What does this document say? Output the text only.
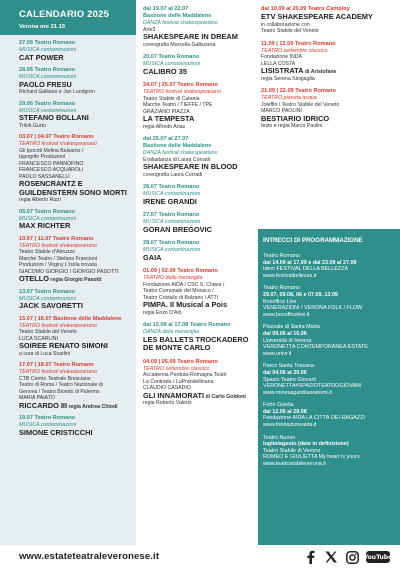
CALENDARIO 2025
Verona ore 21.15
27.06 Teatro Romano
MUSICA contaminazioni
CAT POWER
28.06 Teatro Romano
MUSICA contaminazioni
PAOLO FRESU
Richard Galliano e Jan Lundgren
29.06 Teatro Romano
MUSICA contaminazioni
STEFANO BOLLANI
Trilok Gurtu
03.07 | 04.07 Teatro Romano
TEATRO festival shakespeariano
Gli Ipocriti Melina Balsamo /
Ippogrifo Produzioni
FRANCESCO PANNOFINO
FRANCESCO ACQUAROLI
PAOLO SASSANELLI
ROSENCRANTZ E GUILDENSTERN SONO MORTI
regia Alberto Rizzi
05.07 Teatro Romano
MUSICA contaminazioni
MAX RICHTER
10.07 | 11.07 Teatro Romano
TEATRO festival shakespeariano
Teatro Stabile d'Abruzzo
Marche Teatro / Stefano Francioni
Produzioni / Virginy L'isola trovata
GIACOMO GIORGIO / GIORGIO PASOTTI
OTELLO regia Giorgio Pasotti
13.07 Teatro Romano
MUSICA contaminazioni
JACK SAVORETTI
15.07 | 16.07 Bastione delle Maddalene
TEATRO festival shakespeariano
Teatro Stabile del Veneto
LUCA SCARLINI
SOIREE RENATO SIMONI
a cura di Luca Scarlini
17.07 | 18.07 Teatro Romano
TEATRO festival shakespeariano
CTB Centro Teatrale Bresciano
Teatro di Roma / Teatro Nazionale di
Genova / Teatro Biondo di Palermo
MARIA PAIATO
RICCARDO III regia Andrea Chiodi
19.07 Teatro Romano
MUSICA contaminazioni
SIMONE CRISTICCHI
dal 19.07 al 22.07
Bastione delle Maddalene
DANZA festival shakespeariano
Arte3
SHAKESPEARE IN DREAM
coreografia Marcella Galbusera
20.07 Teatro Romano
MUSICA contaminazioni
CALIBRO 35
24.07 | 25.07 Teatro Romano
TEATRO festival shakespeariano
Teatro Stabile di Catania
Marche Teatro / TIEFFE / TPE
GRAZIANO PIAZZA
LA TEMPESTA
regia Alfredo Arias
dal 25.07 al 27.07
Bastione delle Maddalene
DANZA festival shakespeariano
Ersiliadanza di Laura Corradi
SHAKESPEARE IN BLOOD
coreografia Laura Corradi
26.07 Teatro Romano
MUSICA contaminazioni
IRENE GRANDI
27.07 Teatro Romano
MUSICA contaminazioni
GORAN BREGOVIC
28.07 Teatro Romano
MUSICA contaminazioni
GAIA
01.09 | 02.09 Teatro Romano
TEATRO della meraviglia
Fondazione AIDA / CSC S. Chiara /
Teatro Comunale del Monaco /
Teatro Cristallo di Bolzano / ATTI
PIMPA. Il Musical a Pois
regia Enzo D'Alò
dal 12.08 al 17.08 Teatro Romano
DANZA della meraviglia
LES BALLETS TROCKADERO DE MONTE CARLO
04.09 | 05.09 Teatro Romano
TEATRO settembre classico
Accademia Perduta-Romagna Teatri
La Contrada / LuPrandellinana
CLAUDIO CASADIO
GLI INNAMORATI di Carlo Goldoni
regia Roberto Valerio
dal 10.09 al 20.09 Teatro Camploy
ETV SHAKESPEARE ACADEMY
in collaborazione con
Teatro Stabile del Veneto
11.09 | 12.09 Teatro Romano
TEATRO settembre classico
Fondazione INDA
LELLA COSTA
LISISTRATA di Aristofane
regia Serena Sinigaglia
21.09 | 22.09 Teatro Romano
TEATRO pianeta acqua
Joleffin / Teatro Stabile del Veneto
MARCO PAOLINI
BESTIARIO IDRICO
testo e regia Marco Paolini
INTRECCI DI PROGRAMMAZIONE
Teatro Romano
dal 14.09 al 17.09 e dal 23.09 al 27.09
Idem FESTIVAL DELLA BELLEZZA
www.festivalbellezza.it
Teatro Romano
29.07, 09.08, 06 e 07.09, 13.09
Boxoffice Live
VENERAZIONI / VERONA FOLK / FLOW
www.boxofficelive.it
Piazzale di Santa Marta
dal 09.06 al 16.06
Università di Verona
VERONETTA CONTEMPORANEA ESTATE
www.univr.it
Parco Santa Toscana
dal 04.06 al 29.06
Spazio Teatro Giovani
VERONETTA#SPAZIOTEATROGIOVANI
www.minesaganblaoratorni.it
Forte Gisella
dal 12.06 al 28.08
Fondazione AIDA LA CITTÀ DEI RAGAZZI
www.fondazioneaida.it
Teatro Nuovo
luglio/agosto (date in definizione)
Teatro Stabile di Verona
ROMEO E GIULIETTA My heart is yours
www.teatrostabileverona.it
www.estateteatraleveronese.it	YouTube
